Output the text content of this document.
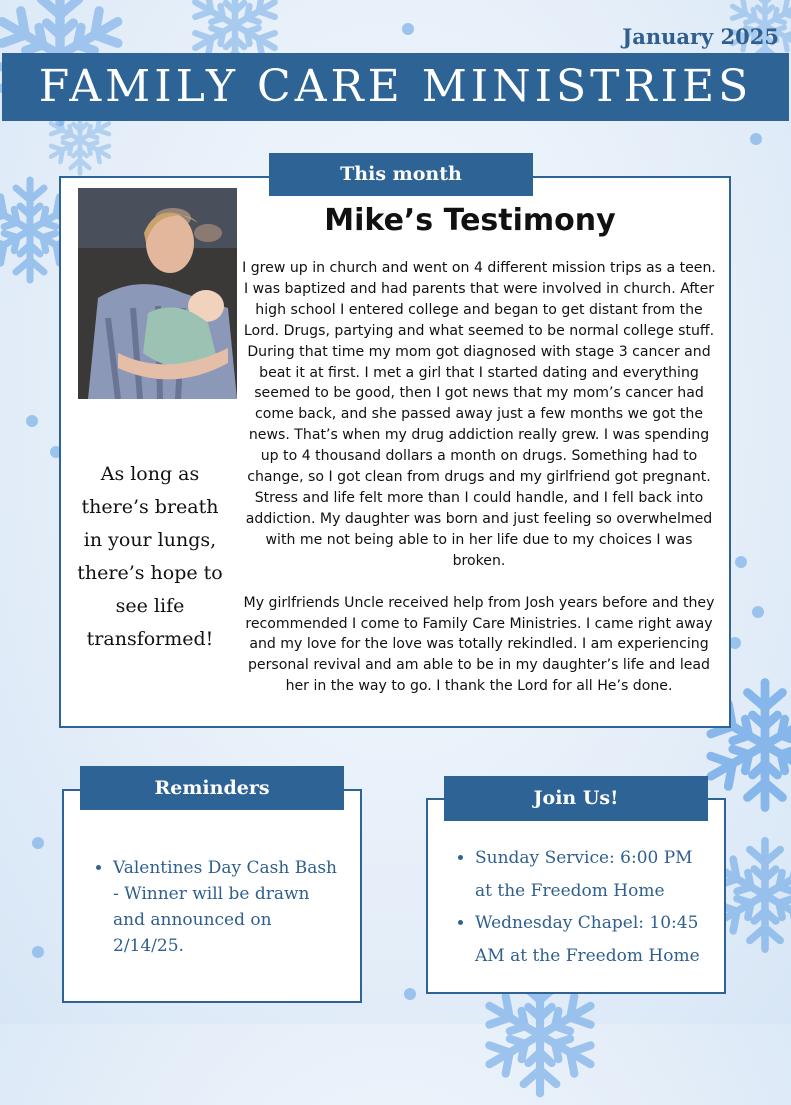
January 2025
FAMILY CARE MINISTRIES
This month
Mike’s Testimony

I grew up in church and went on 4 different mission trips as a teen. I was baptized and had parents that were involved in church. After high school I entered college and began to get distant from the Lord. Drugs, partying and what seemed to be normal college stuff. During that time my mom got diagnosed with stage 3 cancer and beat it at first. I met a girl that I started dating and everything seemed to be good, then I got news that my mom’s cancer had come back, and she passed away just a few months we got the news. That’s when my drug addiction really grew. I was spending up to 4 thousand dollars a month on drugs. Something had to change, so I got clean from drugs and my girlfriend got pregnant. Stress and life felt more than I could handle, and I fell back into addiction. My daughter was born and just feeling so overwhelmed with me not being able to in her life due to my choices I was broken.

My girlfriends Uncle received help from Josh years before and they recommended I come to Family Care Ministries. I came right away and my love for the love was totally rekindled. I am experiencing personal revival and am able to be in my daughter’s life and lead her in the way to go. I thank the Lord for all He’s done.

As long as there’s breath in your lungs, there’s hope to see life transformed!
Reminders
• Valentines Day Cash Bash - Winner will be drawn and announced on 2/14/25.
Join Us!
• Sunday Service: 6:00 PM at the Freedom Home
• Wednesday Chapel: 10:45 AM at the Freedom Home
